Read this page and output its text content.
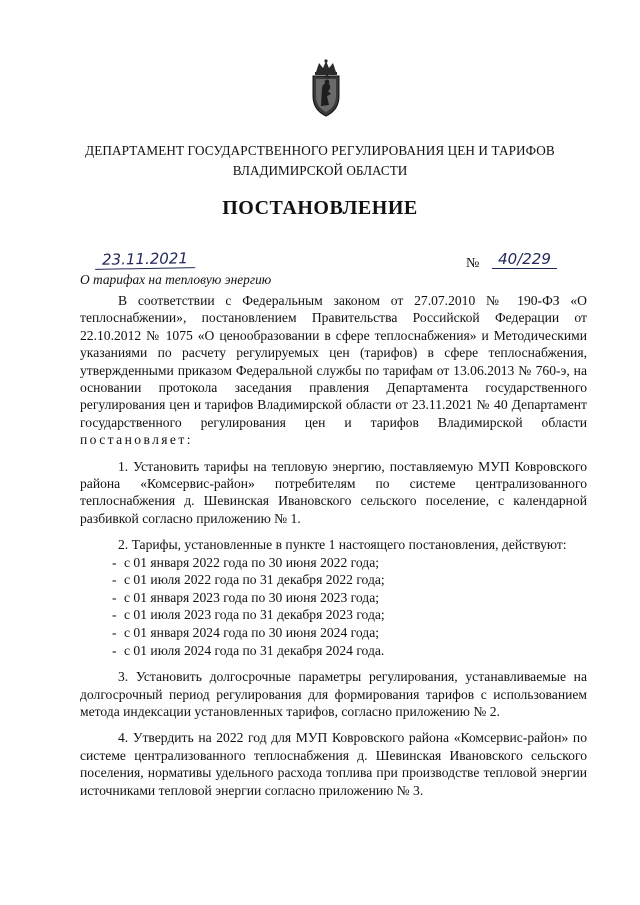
ДЕПАРТАМЕНТ ГОСУДАРСТВЕННОГО РЕГУЛИРОВАНИЯ ЦЕН И ТАРИФОВ
ВЛАДИМИРСКОЙ ОБЛАСТИ
ПОСТАНОВЛЕНИЕ
23.11.2021	№	40/229
О тарифах на тепловую энергию

В соответствии с Федеральным законом от 27.07.2010 № 190-ФЗ «О теплоснабжении», постановлением Правительства Российской Федерации от 22.10.2012 № 1075 «О ценообразовании в сфере теплоснабжения» и Методическими указаниями по расчету регулируемых цен (тарифов) в сфере теплоснабжения, утвержденными приказом Федеральной службы по тарифам от 13.06.2013 № 760-э, на основании протокола заседания правления Департамента государственного регулирования цен и тарифов Владимирской области от 23.11.2021 № 40 Департамент государственного регулирования цен и тарифов Владимирской области постановляет:

1. Установить тарифы на тепловую энергию, поставляемую МУП Ковровского района «Комсервис-район» потребителям по системе централизованного теплоснабжения д. Шевинская Ивановского сельского поселение, с календарной разбивкой согласно приложению № 1.

2. Тарифы, установленные в пункте 1 настоящего постановления, действуют:

- с 01 января 2022 года по 30 июня 2022 года;
- с 01 июля 2022 года по 31 декабря 2022 года;
- с 01 января 2023 года по 30 июня 2023 года;
- с 01 июля 2023 года по 31 декабря 2023 года;
- с 01 января 2024 года по 30 июня 2024 года;
- с 01 июля 2024 года по 31 декабря 2024 года.

3. Установить долгосрочные параметры регулирования, устанавливаемые на долгосрочный период регулирования для формирования тарифов с использованием метода индексации установленных тарифов, согласно приложению № 2.

4. Утвердить на 2022 год для МУП Ковровского района «Комсервис-район» по системе централизованного теплоснабжения д. Шевинская Ивановского сельского поселения, нормативы удельного расхода топлива при производстве тепловой энергии источниками тепловой энергии согласно приложению № 3.
